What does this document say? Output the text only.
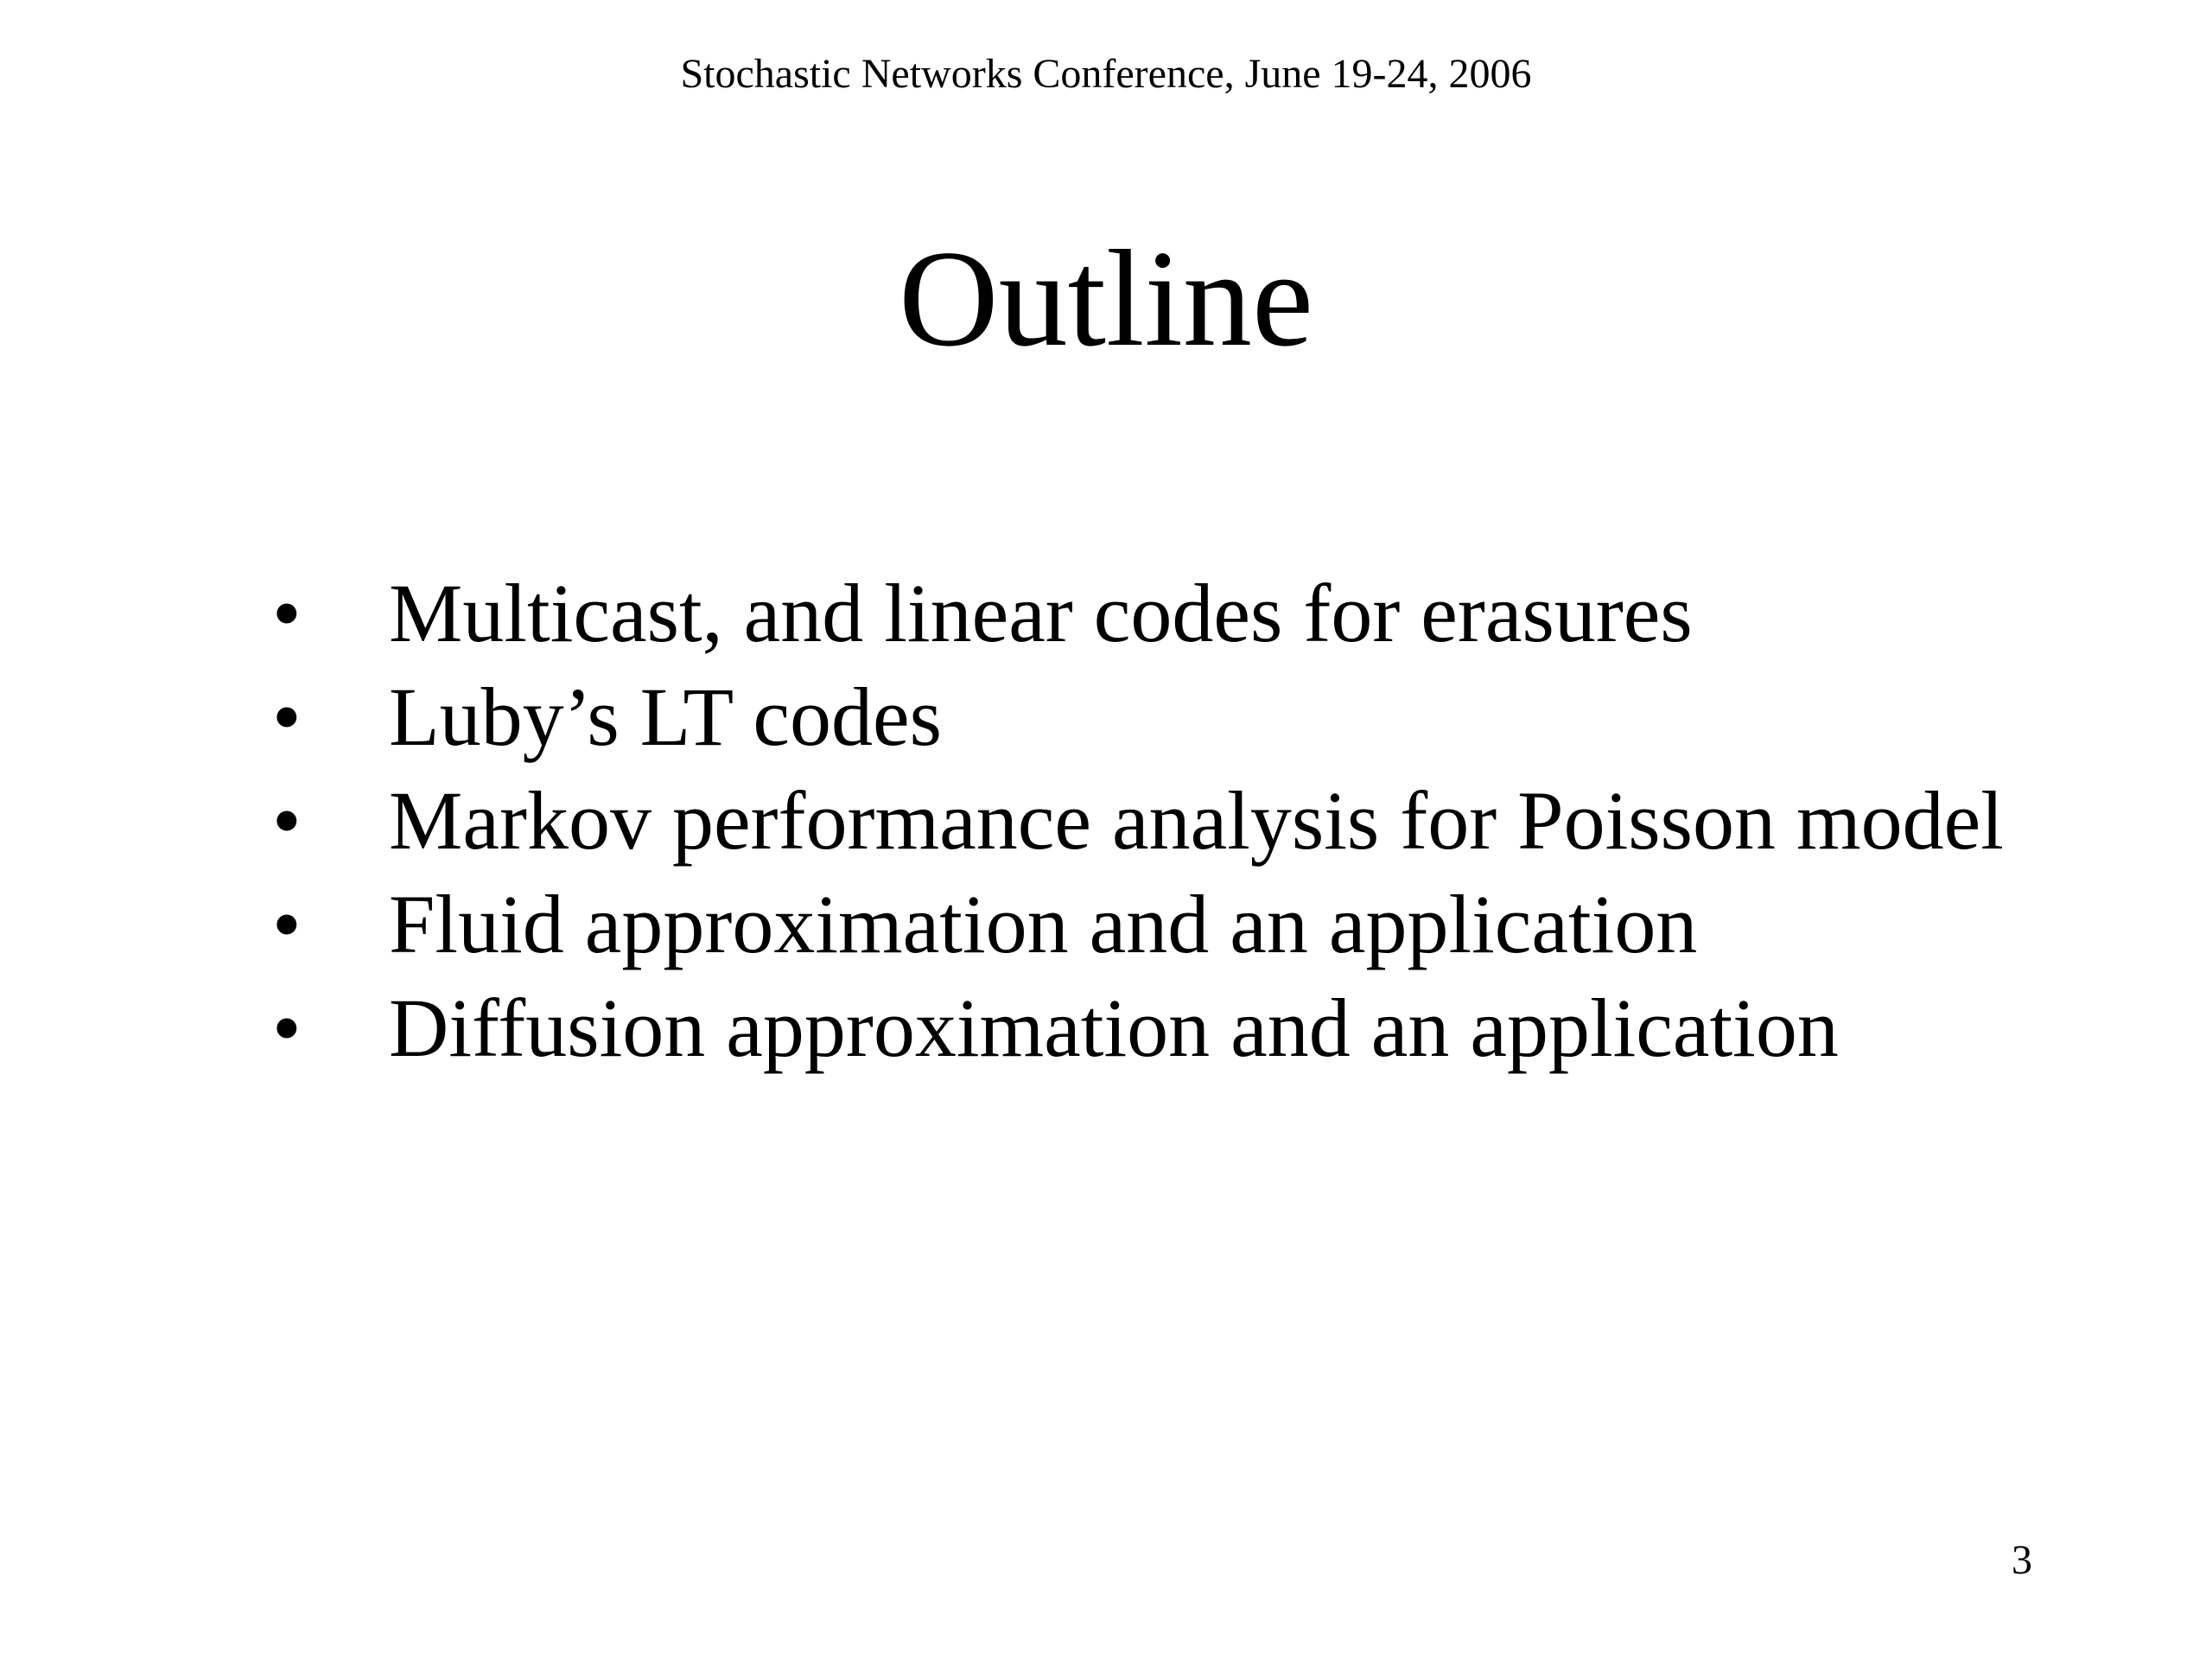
Stochastic Networks Conference, June 19-24, 2006
Outline
• Multicast, and linear codes for erasures
• Luby’s LT codes
• Markov performance analysis for Poisson model
• Fluid approximation and an application
• Diffusion approximation and an application
3
